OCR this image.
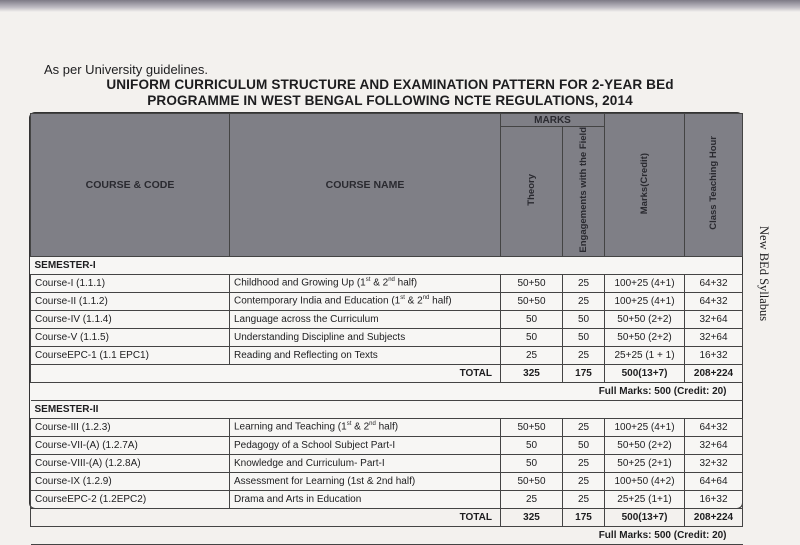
As per University guidelines.
UNIFORM CURRICULUM STRUCTURE AND EXAMINATION PATTERN FOR 2-YEAR BEd
PROGRAMME IN WEST BENGAL FOLLOWING NCTE REGULATIONS, 2014
New BEd Syllabus
COURSE & CODE	COURSE NAME	MARKS		Marks(Credit)	Class Teaching Hour
		Theory	Engagements with the Field		
SEMESTER-I					
Course-I (1.1.1)	Childhood and Growing Up (1st & 2nd half)	50+50	25	100+25 (4+1)	64+32
Course-II (1.1.2)	Contemporary India and Education (1st & 2nd half)	50+50	25	100+25 (4+1)	64+32
Course-IV (1.1.4)	Language across the Curriculum	50	50	50+50 (2+2)	32+64
Course-V (1.1.5)	Understanding Discipline and Subjects	50	50	50+50 (2+2)	32+64
CourseEPC-1 (1.1 EPC1)	Reading and Reflecting on Texts	25	25	25+25 (1 + 1)	16+32
TOTAL		325	175	500(13+7)	208+224
Full Marks: 500 (Credit: 20)					
SEMESTER-II					
Course-III (1.2.3)	Learning and Teaching (1st & 2nd half)	50+50	25	100+25 (4+1)	64+32
Course-VII-(A) (1.2.7A)	Pedagogy of a School Subject Part-I	50	50	50+50 (2+2)	32+64
Course-VIII-(A) (1.2.8A)	Knowledge and Curriculum- Part-I	50	25	50+25 (2+1)	32+32
Course-IX (1.2.9)	Assessment for Learning (1st & 2nd half)	50+50	25	100+50 (4+2)	64+64
CourseEPC-2 (1.2EPC2)	Drama and Arts in Education	25	25	25+25 (1+1)	16+32
TOTAL		325	175	500(13+7)	208+224
Full Marks: 500 (Credit: 20)					
